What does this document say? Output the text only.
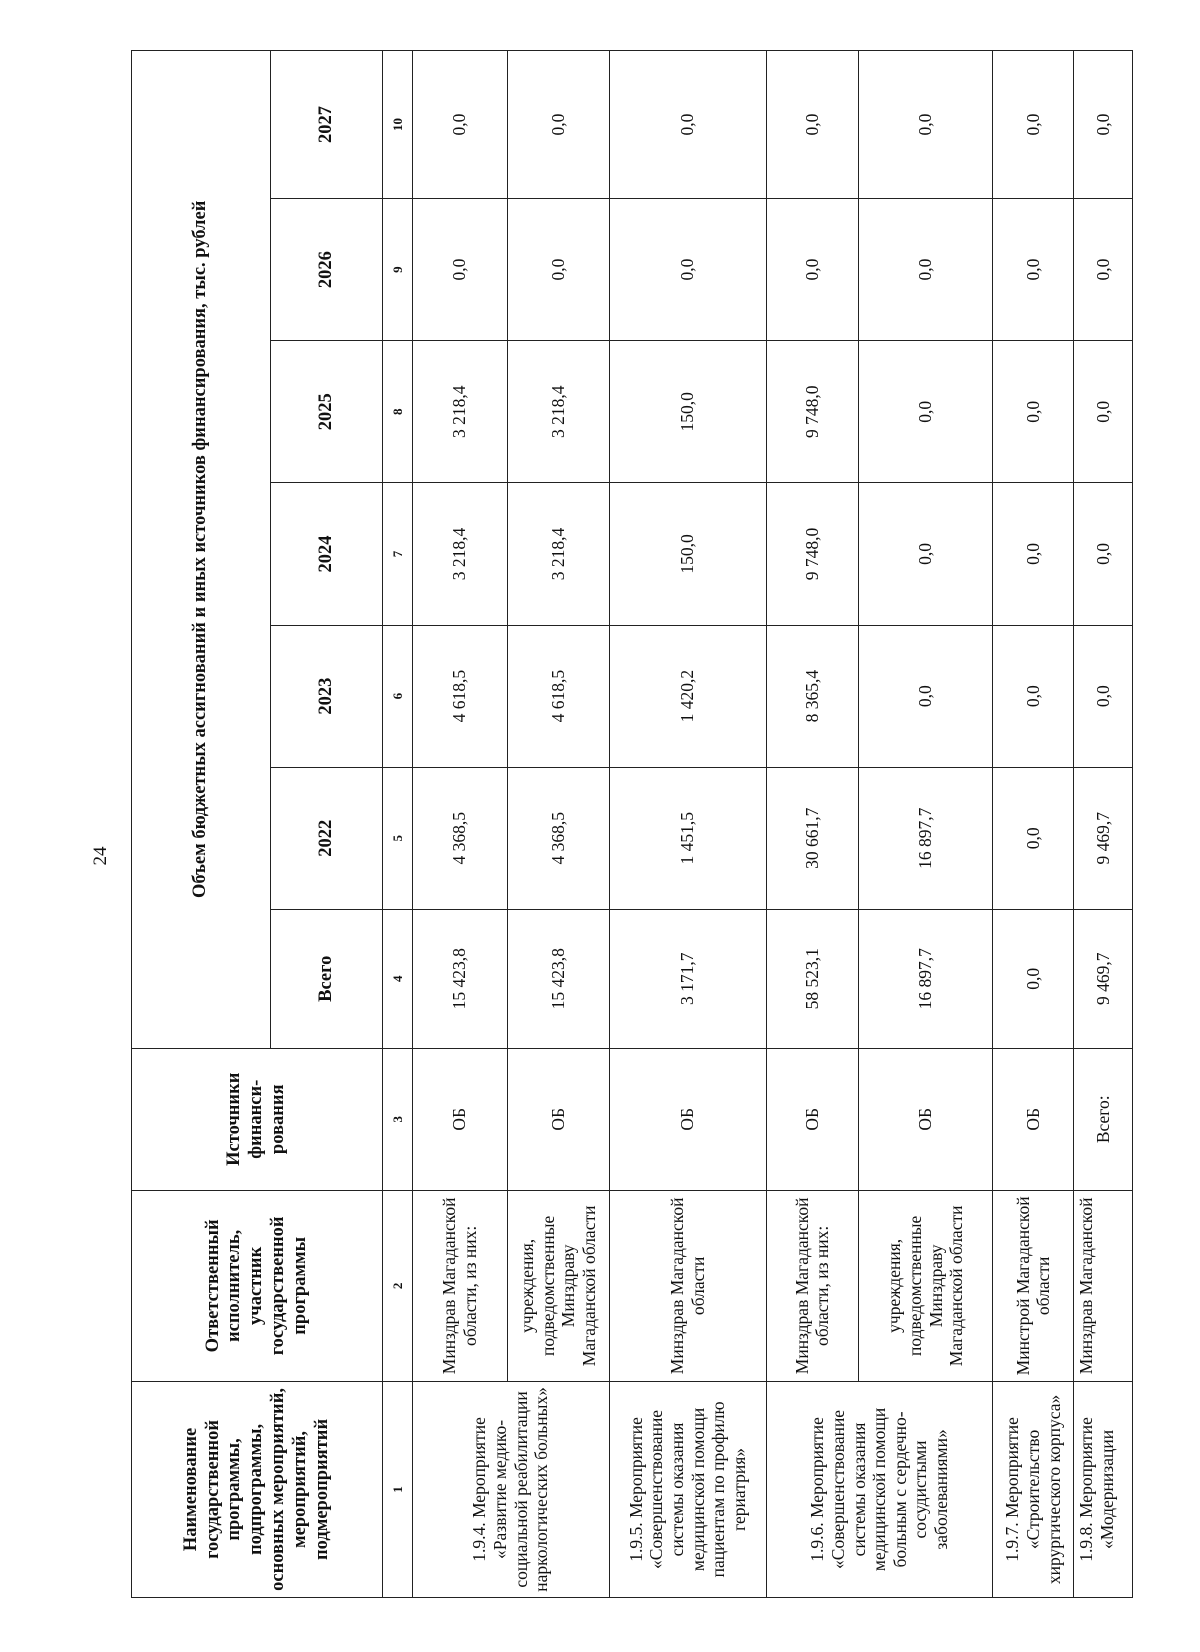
24
Наименование государственной программы, подпрограммы, основных мероприятий, мероприятий, подмероприятий	Ответственный исполнитель, участник государственной программы	Источники финанси-рования	Объем бюджетных ассигнований и иных источников финансирования, тыс. рублей						
			Всего	2022	2023	2024	2025	2026	2027
1	2	3	4	5	6	7	8	9	10
1.9.4. Мероприятие «Развитие медико-социальной реабилитации наркологических больных»	Минздрав Магаданской области, из них:	ОБ	15 423,8	4 368,5	4 618,5	3 218,4	3 218,4	0,0	0,0
	учреждения, подведомственные Минздраву Магаданской области	ОБ	15 423,8	4 368,5	4 618,5	3 218,4	3 218,4	0,0	0,0
1.9.5. Мероприятие «Совершенствование системы оказания медицинской помощи пациентам по профилю гериатрия»	Минздрав Магаданской области	ОБ	3 171,7	1 451,5	1 420,2	150,0	150,0	0,0	0,0
1.9.6. Мероприятие «Совершенствование системы оказания медицинской помощи больным с сердечно-сосудистыми заболеваниями»	Минздрав Магаданской области, из них:	ОБ	58 523,1	30 661,7	8 365,4	9 748,0	9 748,0	0,0	0,0
	учреждения, подведомственные Минздраву Магаданской области	ОБ	16 897,7	16 897,7	0,0	0,0	0,0	0,0	0,0
1.9.7. Мероприятие «Строительство хирургического корпуса»	Минстрой Магаданской области	ОБ	0,0	0,0	0,0	0,0	0,0	0,0	0,0
1.9.8. Мероприятие «Модернизации	Минздрав Магаданской	Всего:	9 469,7	9 469,7	0,0	0,0	0,0	0,0	0,0
